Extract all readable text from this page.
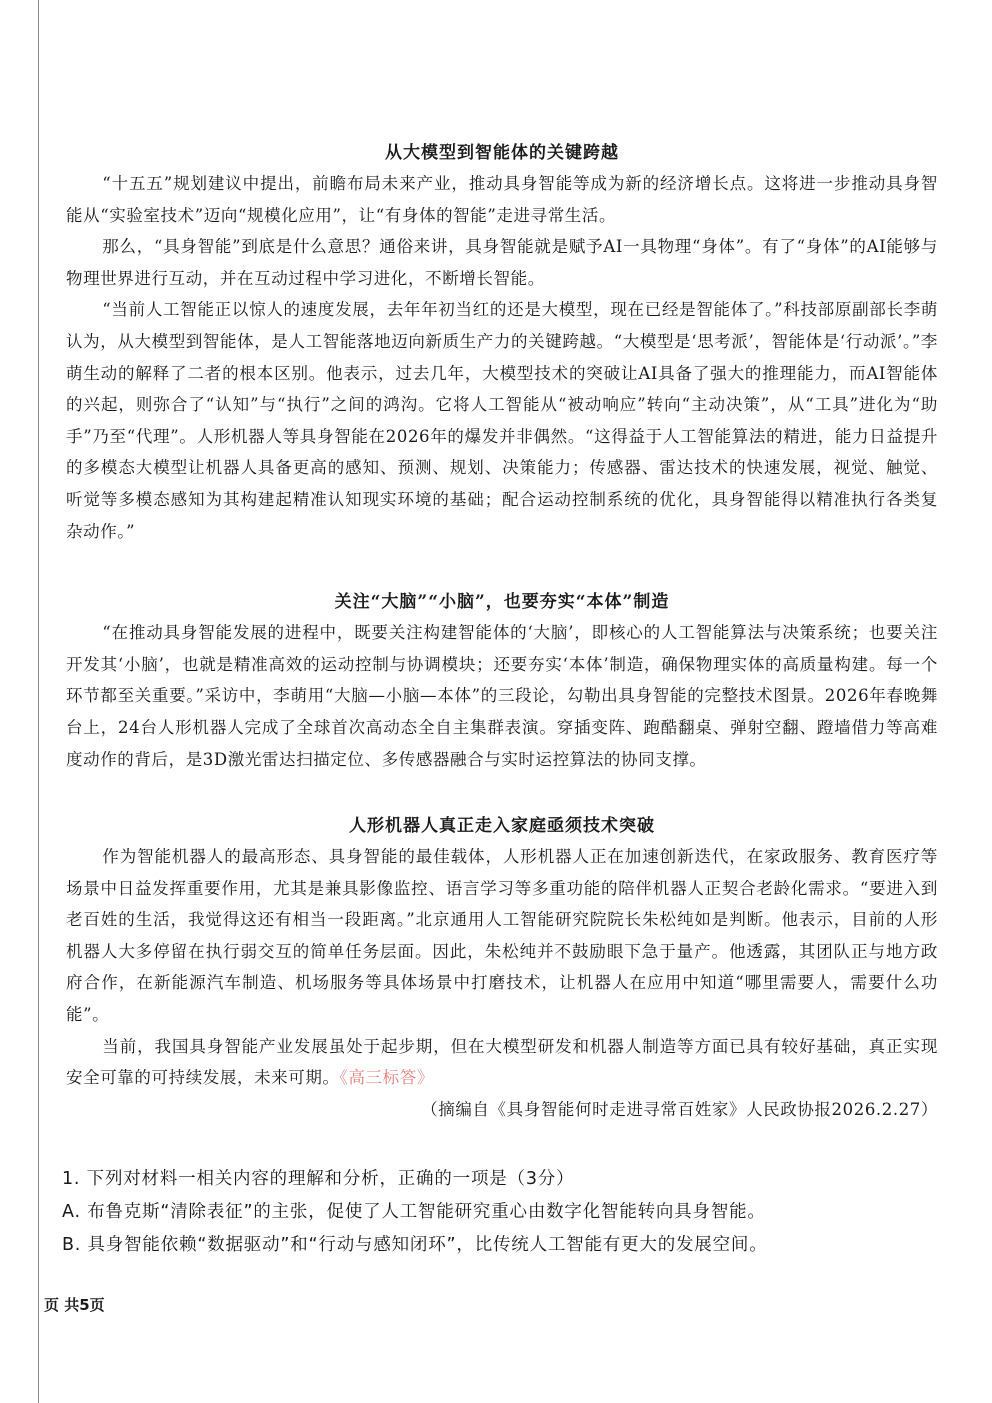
从大模型到智能体的关键跨越

“十五五”规划建议中提出，前瞻布局未来产业，推动具身智能等成为新的经济增长点。这将进一步推动具身智能从“实验室技术”迈向“规模化应用”，让“有身体的智能”走进寻常生活。

那么，“具身智能”到底是什么意思？通俗来讲，具身智能就是赋予AI一具物理“身体”。有了“身体”的AI能够与物理世界进行互动，并在互动过程中学习进化，不断增长智能。

“当前人工智能正以惊人的速度发展，去年年初当红的还是大模型，现在已经是智能体了。”科技部原副部长李萌认为，从大模型到智能体，是人工智能落地迈向新质生产力的关键跨越。“大模型是‘思考派’，智能体是‘行动派’。”李萌生动的解释了二者的根本区别。他表示，过去几年，大模型技术的突破让AI具备了强大的推理能力，而AI智能体的兴起，则弥合了“认知”与“执行”之间的鸿沟。它将人工智能从“被动响应”转向“主动决策”，从“工具”进化为“助手”乃至“代理”。人形机器人等具身智能在2026年的爆发并非偶然。“这得益于人工智能算法的精进，能力日益提升的多模态大模型让机器人具备更高的感知、预测、规划、决策能力；传感器、雷达技术的快速发展，视觉、触觉、听觉等多模态感知为其构建起精准认知现实环境的基础；配合运动控制系统的优化，具身智能得以精准执行各类复杂动作。”

关注“大脑”“小脑”，也要夯实“本体”制造

“在推动具身智能发展的进程中，既要关注构建智能体的‘大脑’，即核心的人工智能算法与决策系统；也要关注开发其‘小脑’，也就是精准高效的运动控制与协调模块；还要夯实‘本体’制造，确保物理实体的高质量构建。每一个环节都至关重要。”采访中，李萌用“大脑—小脑—本体”的三段论，勾勒出具身智能的完整技术图景。2026年春晚舞台上，24台人形机器人完成了全球首次高动态全自主集群表演。穿插变阵、跑酷翻桌、弹射空翻、蹬墙借力等高难度动作的背后，是3D激光雷达扫描定位、多传感器融合与实时运控算法的协同支撑。

人形机器人真正走入家庭亟须技术突破

作为智能机器人的最高形态、具身智能的最佳载体，人形机器人正在加速创新迭代，在家政服务、教育医疗等场景中日益发挥重要作用，尤其是兼具影像监控、语言学习等多重功能的陪伴机器人正契合老龄化需求。“要进入到老百姓的生活，我觉得这还有相当一段距离。”北京通用人工智能研究院院长朱松纯如是判断。他表示，目前的人形机器人大多停留在执行弱交互的简单任务层面。因此，朱松纯并不鼓励眼下急于量产。他透露，其团队正与地方政府合作，在新能源汽车制造、机场服务等具体场景中打磨技术，让机器人在应用中知道“哪里需要人，需要什么功能”。

当前，我国具身智能产业发展虽处于起步期，但在大模型研发和机器人制造等方面已具有较好基础，真正实现安全可靠的可持续发展，未来可期。《高三标答》

（摘编自《具身智能何时走进寻常百姓家》人民政协报2026.2.27）

1. 下列对材料一相关内容的理解和分析，正确的一项是（3分）

A. 布鲁克斯“清除表征”的主张，促使了人工智能研究重心由数字化智能转向具身智能。

B. 具身智能依赖“数据驱动”和“行动与感知闭环”，比传统人工智能有更大的发展空间。

页 共5页
